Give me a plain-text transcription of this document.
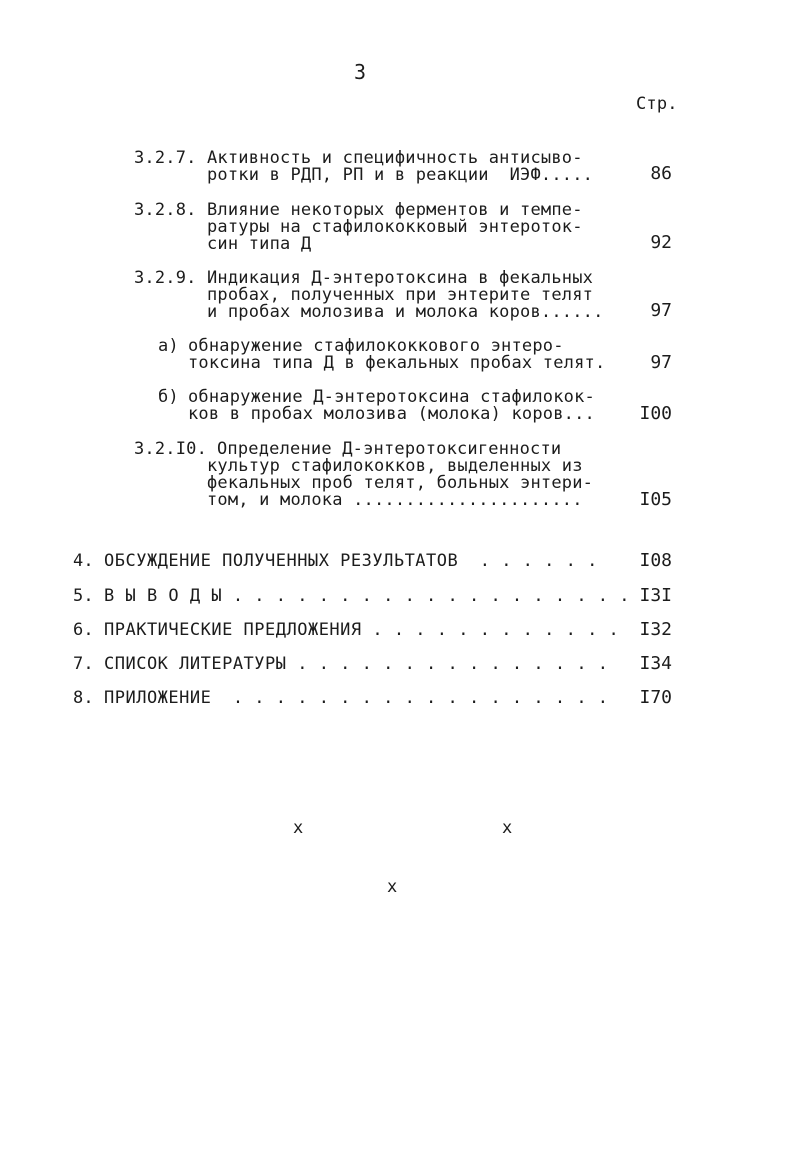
3
Стр.
3.2.7. Активность и специфичность антисыво-
ротки в РДП, РП и в реакции  ИЭФ.....	86
3.2.8. Влияние некоторых ферментов и темпе-
ратуры на стафилококковый энтероток-
син типа Д	92
3.2.9. Индикация Д-энтеротоксина в фекальных
пробах, полученных при энтерите телят
и пробах молозива и молока коров......	97
а) обнаружение стафилококкового энтеро-
токсина типа Д в фекальных пробах телят.	97
б) обнаружение Д-энтеротоксина стафилокок-
ков в пробах молозива (молока) коров...	I00
3.2.I0. Определение Д-энтеротоксигенности
культур стафилококков, выделенных из
фекальных проб телят, больных энтери-
том, и молока ......................	I05
4. ОБСУЖДЕНИЕ ПОЛУЧЕННЫХ РЕЗУЛЬТАТОВ  . . . . . .	I08
5. В Ы В О Д Ы . . . . . . . . . . . . . . . . . . . I3I
6. ПРАКТИЧЕСКИЕ ПРЕДЛОЖЕНИЯ . . . . . . . . . . . .	I32
7. СПИСОК ЛИТЕРАТУРЫ . . . . . . . . . . . . . . .	I34
8. ПРИЛОЖЕНИЕ  . . . . . . . . . . . . . . . . . .	I70
х	х
х
